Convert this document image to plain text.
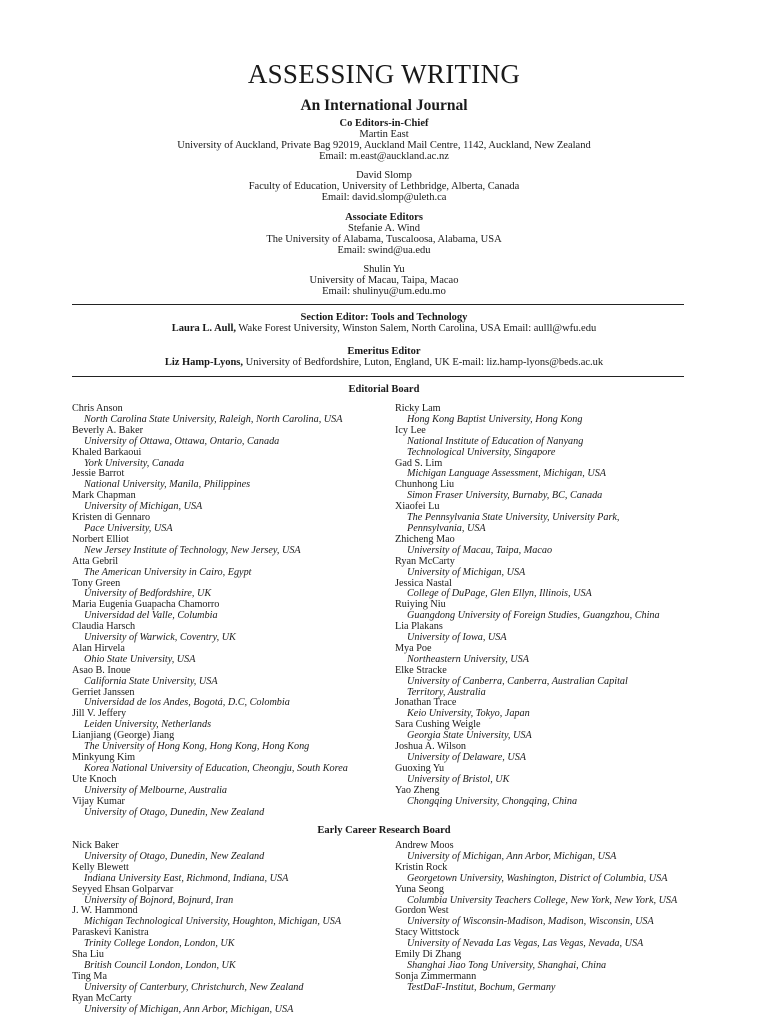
ASSESSING WRITING
An International Journal
Co Editors-in-Chief
Martin East
University of Auckland, Private Bag 92019, Auckland Mail Centre, 1142, Auckland, New Zealand
Email: m.east@auckland.ac.nz
David Slomp
Faculty of Education, University of Lethbridge, Alberta, Canada
Email: david.slomp@uleth.ca
Associate Editors
Stefanie A. Wind
The University of Alabama, Tuscaloosa, Alabama, USA
Email: swind@ua.edu
Shulin Yu
University of Macau, Taipa, Macao
Email: shulinyu@um.edu.mo
Section Editor: Tools and Technology
Laura L. Aull, Wake Forest University, Winston Salem, North Carolina, USA Email: aulll@wfu.edu
Emeritus Editor
Liz Hamp-Lyons, University of Bedfordshire, Luton, England, UK E-mail: liz.hamp-lyons@beds.ac.uk
Editorial Board
Chris Anson
North Carolina State University, Raleigh, North Carolina, USA
Beverly A. Baker
University of Ottawa, Ottawa, Ontario, Canada
Khaled Barkaoui
York University, Canada
Jessie Barrot
National University, Manila, Philippines
Mark Chapman
University of Michigan, USA
Kristen di Gennaro
Pace University, USA
Norbert Elliot
New Jersey Institute of Technology, New Jersey, USA
Atta Gebril
The American University in Cairo, Egypt
Tony Green
University of Bedfordshire, UK
Maria Eugenia Guapacha Chamorro
Universidad del Valle, Columbia
Claudia Harsch
University of Warwick, Coventry, UK
Alan Hirvela
Ohio State University, USA
Asao B. Inoue
California State University, USA
Gerriet Janssen
Universidad de los Andes, Bogotá, D.C, Colombia
Jill V. Jeffery
Leiden University, Netherlands
Lianjiang (George) Jiang
The University of Hong Kong, Hong Kong, Hong Kong
Minkyung Kim
Korea National University of Education, Cheongju, South Korea
Ute Knoch
University of Melbourne, Australia
Vijay Kumar
University of Otago, Dunedin, New Zealand
Ricky Lam
Hong Kong Baptist University, Hong Kong
Icy Lee
National Institute of Education of Nanyang
Technological University, Singapore
Gad S. Lim
Michigan Language Assessment, Michigan, USA
Chunhong Liu
Simon Fraser University, Burnaby, BC, Canada
Xiaofei Lu
The Pennsylvania State University, University Park,
Pennsylvania, USA
Zhicheng Mao
University of Macau, Taipa, Macao
Ryan McCarty
University of Michigan, USA
Jessica Nastal
College of DuPage, Glen Ellyn, Illinois, USA
Ruiying Niu
Guangdong University of Foreign Studies, Guangzhou, China
Lia Plakans
University of Iowa, USA
Mya Poe
Northeastern University, USA
Elke Stracke
University of Canberra, Canberra, Australian Capital
Territory, Australia
Jonathan Trace
Keio University, Tokyo, Japan
Sara Cushing Weigle
Georgia State University, USA
Joshua A. Wilson
University of Delaware, USA
Guoxing Yu
University of Bristol, UK
Yao Zheng
Chongqing University, Chongqing, China
Early Career Research Board
Nick Baker
University of Otago, Dunedin, New Zealand
Kelly Blewett
Indiana University East, Richmond, Indiana, USA
Seyyed Ehsan Golparvar
University of Bojnord, Bojnurd, Iran
J. W. Hammond
Michigan Technological University, Houghton, Michigan, USA
Paraskevi Kanistra
Trinity College London, London, UK
Sha Liu
British Council London, London, UK
Ting Ma
University of Canterbury, Christchurch, New Zealand
Ryan McCarty
University of Michigan, Ann Arbor, Michigan, USA
Andrew Moos
University of Michigan, Ann Arbor, Michigan, USA
Kristin Rock
Georgetown University, Washington, District of Columbia, USA
Yuna Seong
Columbia University Teachers College, New York, New York, USA
Gordon West
University of Wisconsin-Madison, Madison, Wisconsin, USA
Stacy Wittstock
University of Nevada Las Vegas, Las Vegas, Nevada, USA
Emily Di Zhang
Shanghai Jiao Tong University, Shanghai, China
Sonja Zimmermann
TestDaF-Institut, Bochum, Germany
